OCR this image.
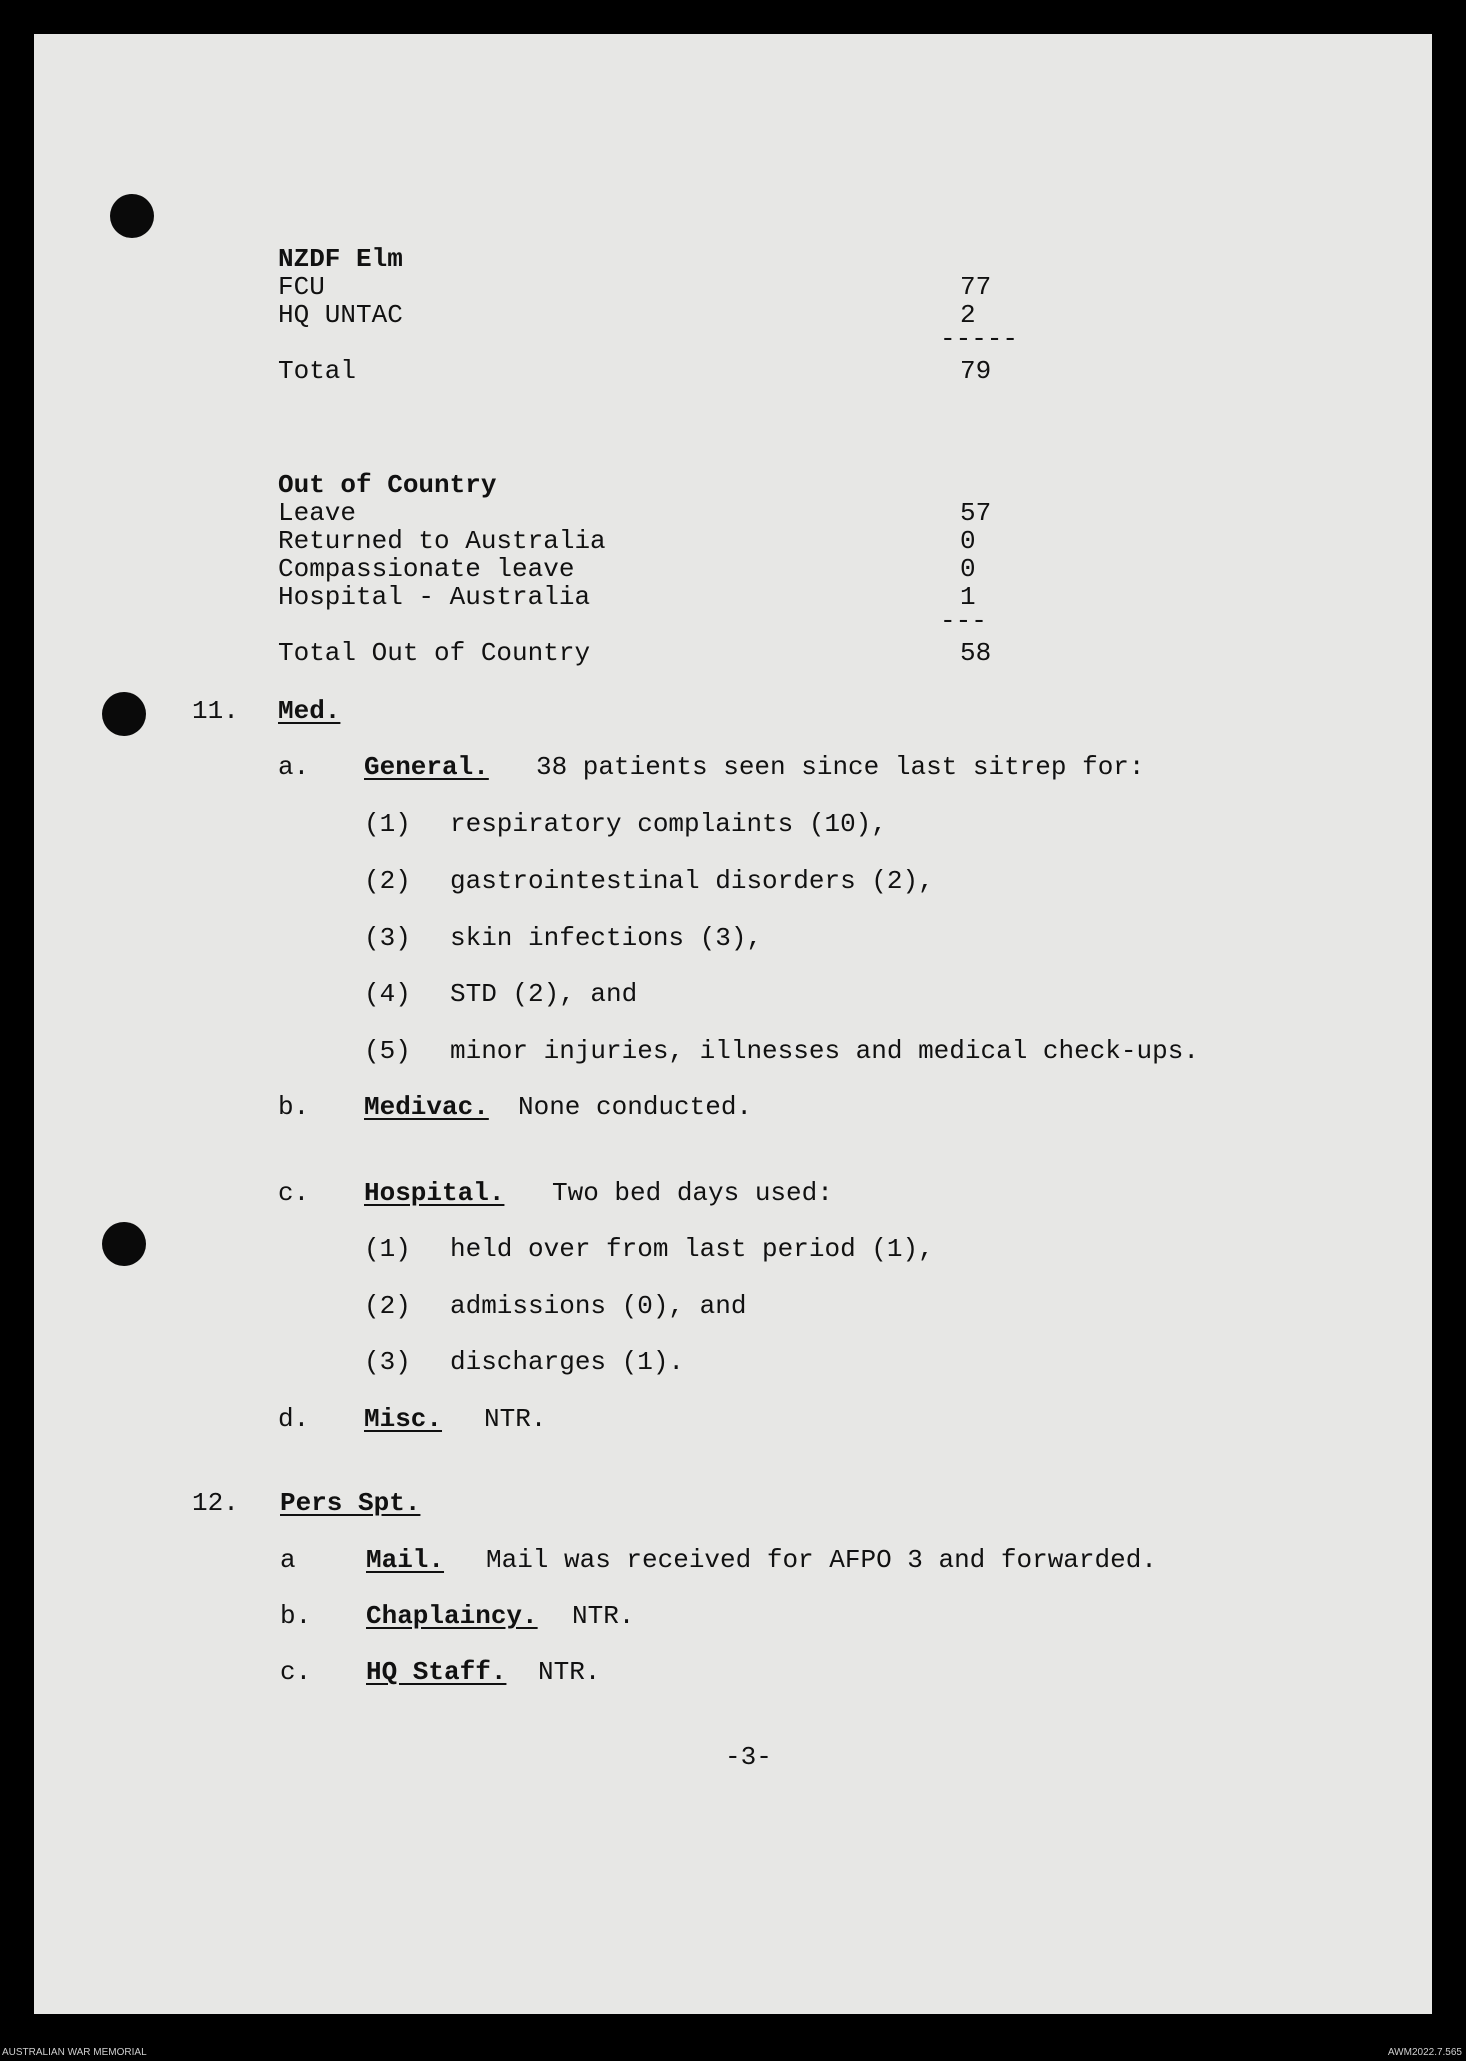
NZDF Elm
FCU	77
HQ UNTAC	2
-----
Total	79
Out of Country
Leave	57
Returned to Australia	0
Compassionate leave	0
Hospital - Australia	1
---
Total Out of Country	58
11. Med.
a. General. 38 patients seen since last sitrep for:
(1) respiratory complaints (10),
(2) gastrointestinal disorders (2),
(3) skin infections (3),
(4) STD (2), and
(5) minor injuries, illnesses and medical check-ups.
b. Medivac. None conducted.
c. Hospital. Two bed days used:
(1) held over from last period (1),
(2) admissions (0), and
(3) discharges (1).
d. Misc. NTR.
12. Pers Spt.
a	Mail. Mail was received for AFPO 3 and forwarded.
b. Chaplaincy. NTR.
c. HQ Staff. NTR.
-3-
AUSTRALIAN WAR MEMORIAL	AWM2022.7.565
